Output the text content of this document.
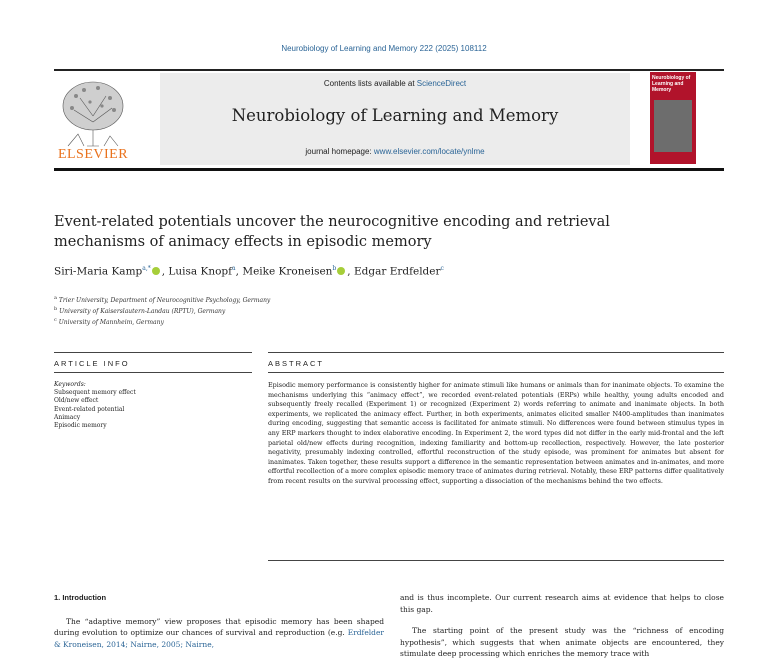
Neurobiology of Learning and Memory 222 (2025) 108112
ELSEVIER
Contents lists available at ScienceDirect
Neurobiology of Learning and Memory
journal homepage: www.elsevier.com/locate/ynlme
Neurobiology of Learning and Memory
Event-related potentials uncover the neurocognitive encoding and retrieval mechanisms of animacy effects in episodic memory
Siri-Maria Kamp$^{a,*}$ , Luisa Knopf$^a$, Meike Kroneisen$^b$ , Edgar Erdfelder$^c$
$^a$ Trier University, Department of Neurocognitive Psychology, Germany
$^b$ University of Kaiserslautern-Landau (RPTU), Germany
$^c$ University of Mannheim, Germany
ARTICLE INFO	ABSTRACT
Keywords:
Subsequent memory effect
Old/new effect
Event-related potential
Animacy
Episodic memory
Episodic memory performance is consistently higher for animate stimuli like humans or animals than for inanimate objects. To examine the mechanisms underlying this “animacy effect”, we recorded event-related potentials (ERPs) while healthy, young adults encoded and subsequently freely recalled (Experiment 1) or recognized (Experiment 2) words referring to animate and inanimate objects. In both experiments, we replicated the animacy effect. Further, in both experiments, animates elicited smaller N400-amplitudes than inanimates during encoding, suggesting that semantic access is facilitated for animate stimuli. No differences were found between stimulus types in any ERP markers thought to index elaborative encoding. In Experiment 2, the word types did not differ in the early mid-frontal and the left parietal old/new effects during recognition, indexing familiarity and bottom-up recollection, respectively. However, the late posterior negativity, presumably indexing controlled, effortful reconstruction of the study episode, was prominent for animates but absent for inanimates. Taken together, these results support a difference in the semantic representation between animates and in-animates, and more effortful recollection of a more complex episodic memory trace of animates during retrieval. Notably, these ERP patterns differ qualitatively from recent results on the survival processing effect, supporting a dissociation of the mechanisms behind the two effects.
1. Introduction
The “adaptive memory” view proposes that episodic memory has been shaped during evolution to optimize our chances of survival and reproduction (e.g. Erdfelder & Kroneisen, 2014; Nairne, 2005; Nairne,
and is thus incomplete. Our current research aims at evidence that helps to close this gap.
The starting point of the present study was the “richness of encoding hypothesis”, which suggests that when animate objects are encountered, they stimulate deep processing which enriches the memory trace with
